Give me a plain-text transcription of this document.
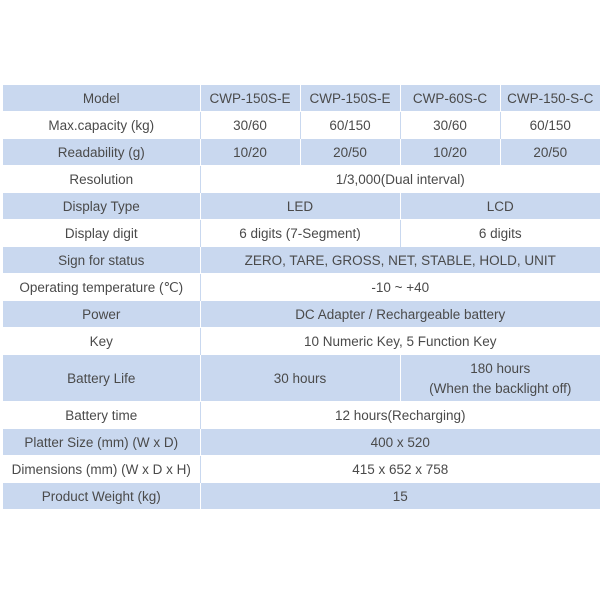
Model	CWP-150S-E	CWP-150S-E	CWP-60S-C	CWP-150-S-C
Max.capacity (kg)	30/60	60/150	30/60	60/150
Readability (g)	10/20	20/50	10/20	20/50
Resolution	1/3,000(Dual interval)			
Display Type	LED		LCD	
Display digit	6 digits (7-Segment)		6 digits	
Sign for status	ZERO, TARE, GROSS, NET, STABLE, HOLD, UNIT			
Operating temperature (℃)	-10 ~ +40			
Power	DC Adapter / Rechargeable battery			
Key	10 Numeric Key, 5 Function Key			
Battery Life	30 hours		180 hours
(When the backlight off)	

Battery time	12 hours(Recharging)			
Platter Size (mm) (W x D)	400 x 520			
Dimensions (mm) (W x D x H)	415 x 652 x 758			
Product Weight (kg)	15			
